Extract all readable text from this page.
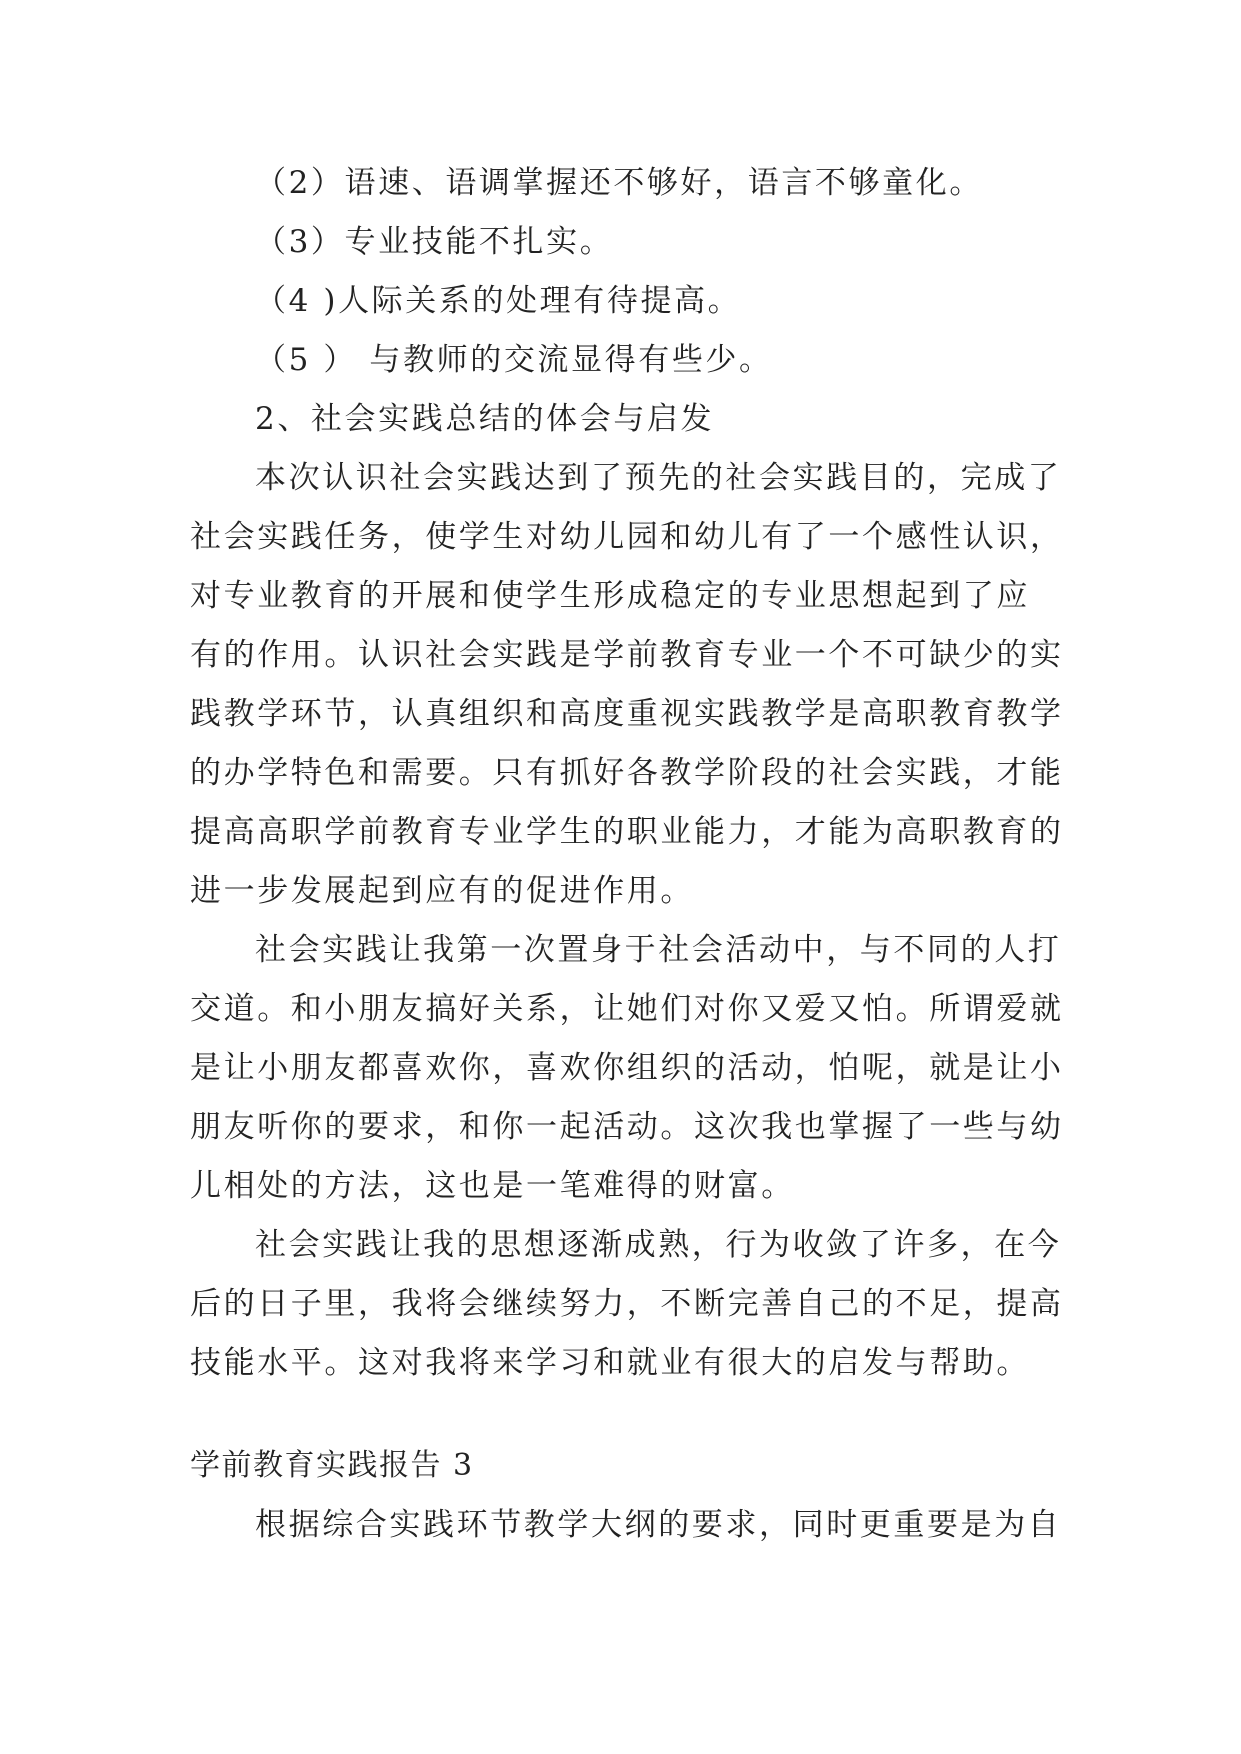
（2）语速、语调掌握还不够好，语言不够童化。
（3）专业技能不扎实。
（4 )人际关系的处理有待提高。
（5 ） 与教师的交流显得有些少。
2、社会实践总结的体会与启发
本次认识社会实践达到了预先的社会实践目的，完成了
社会实践任务，使学生对幼儿园和幼儿有了一个感性认识，
对专业教育的开展和使学生形成稳定的专业思想起到了应
有的作用。认识社会实践是学前教育专业一个不可缺少的实
践教学环节，认真组织和高度重视实践教学是高职教育教学
的办学特色和需要。只有抓好各教学阶段的社会实践，才能
提高高职学前教育专业学生的职业能力，才能为高职教育的
进一步发展起到应有的促进作用。
社会实践让我第一次置身于社会活动中，与不同的人打
交道。和小朋友搞好关系，让她们对你又爱又怕。所谓爱就
是让小朋友都喜欢你，喜欢你组织的活动，怕呢，就是让小
朋友听你的要求，和你一起活动。这次我也掌握了一些与幼
儿相处的方法，这也是一笔难得的财富。
社会实践让我的思想逐渐成熟，行为收敛了许多，在今
后的日子里，我将会继续努力，不断完善自己的不足，提高
技能水平。这对我将来学习和就业有很大的启发与帮助。
学前教育实践报告 3
根据综合实践环节教学大纲的要求，同时更重要是为自
